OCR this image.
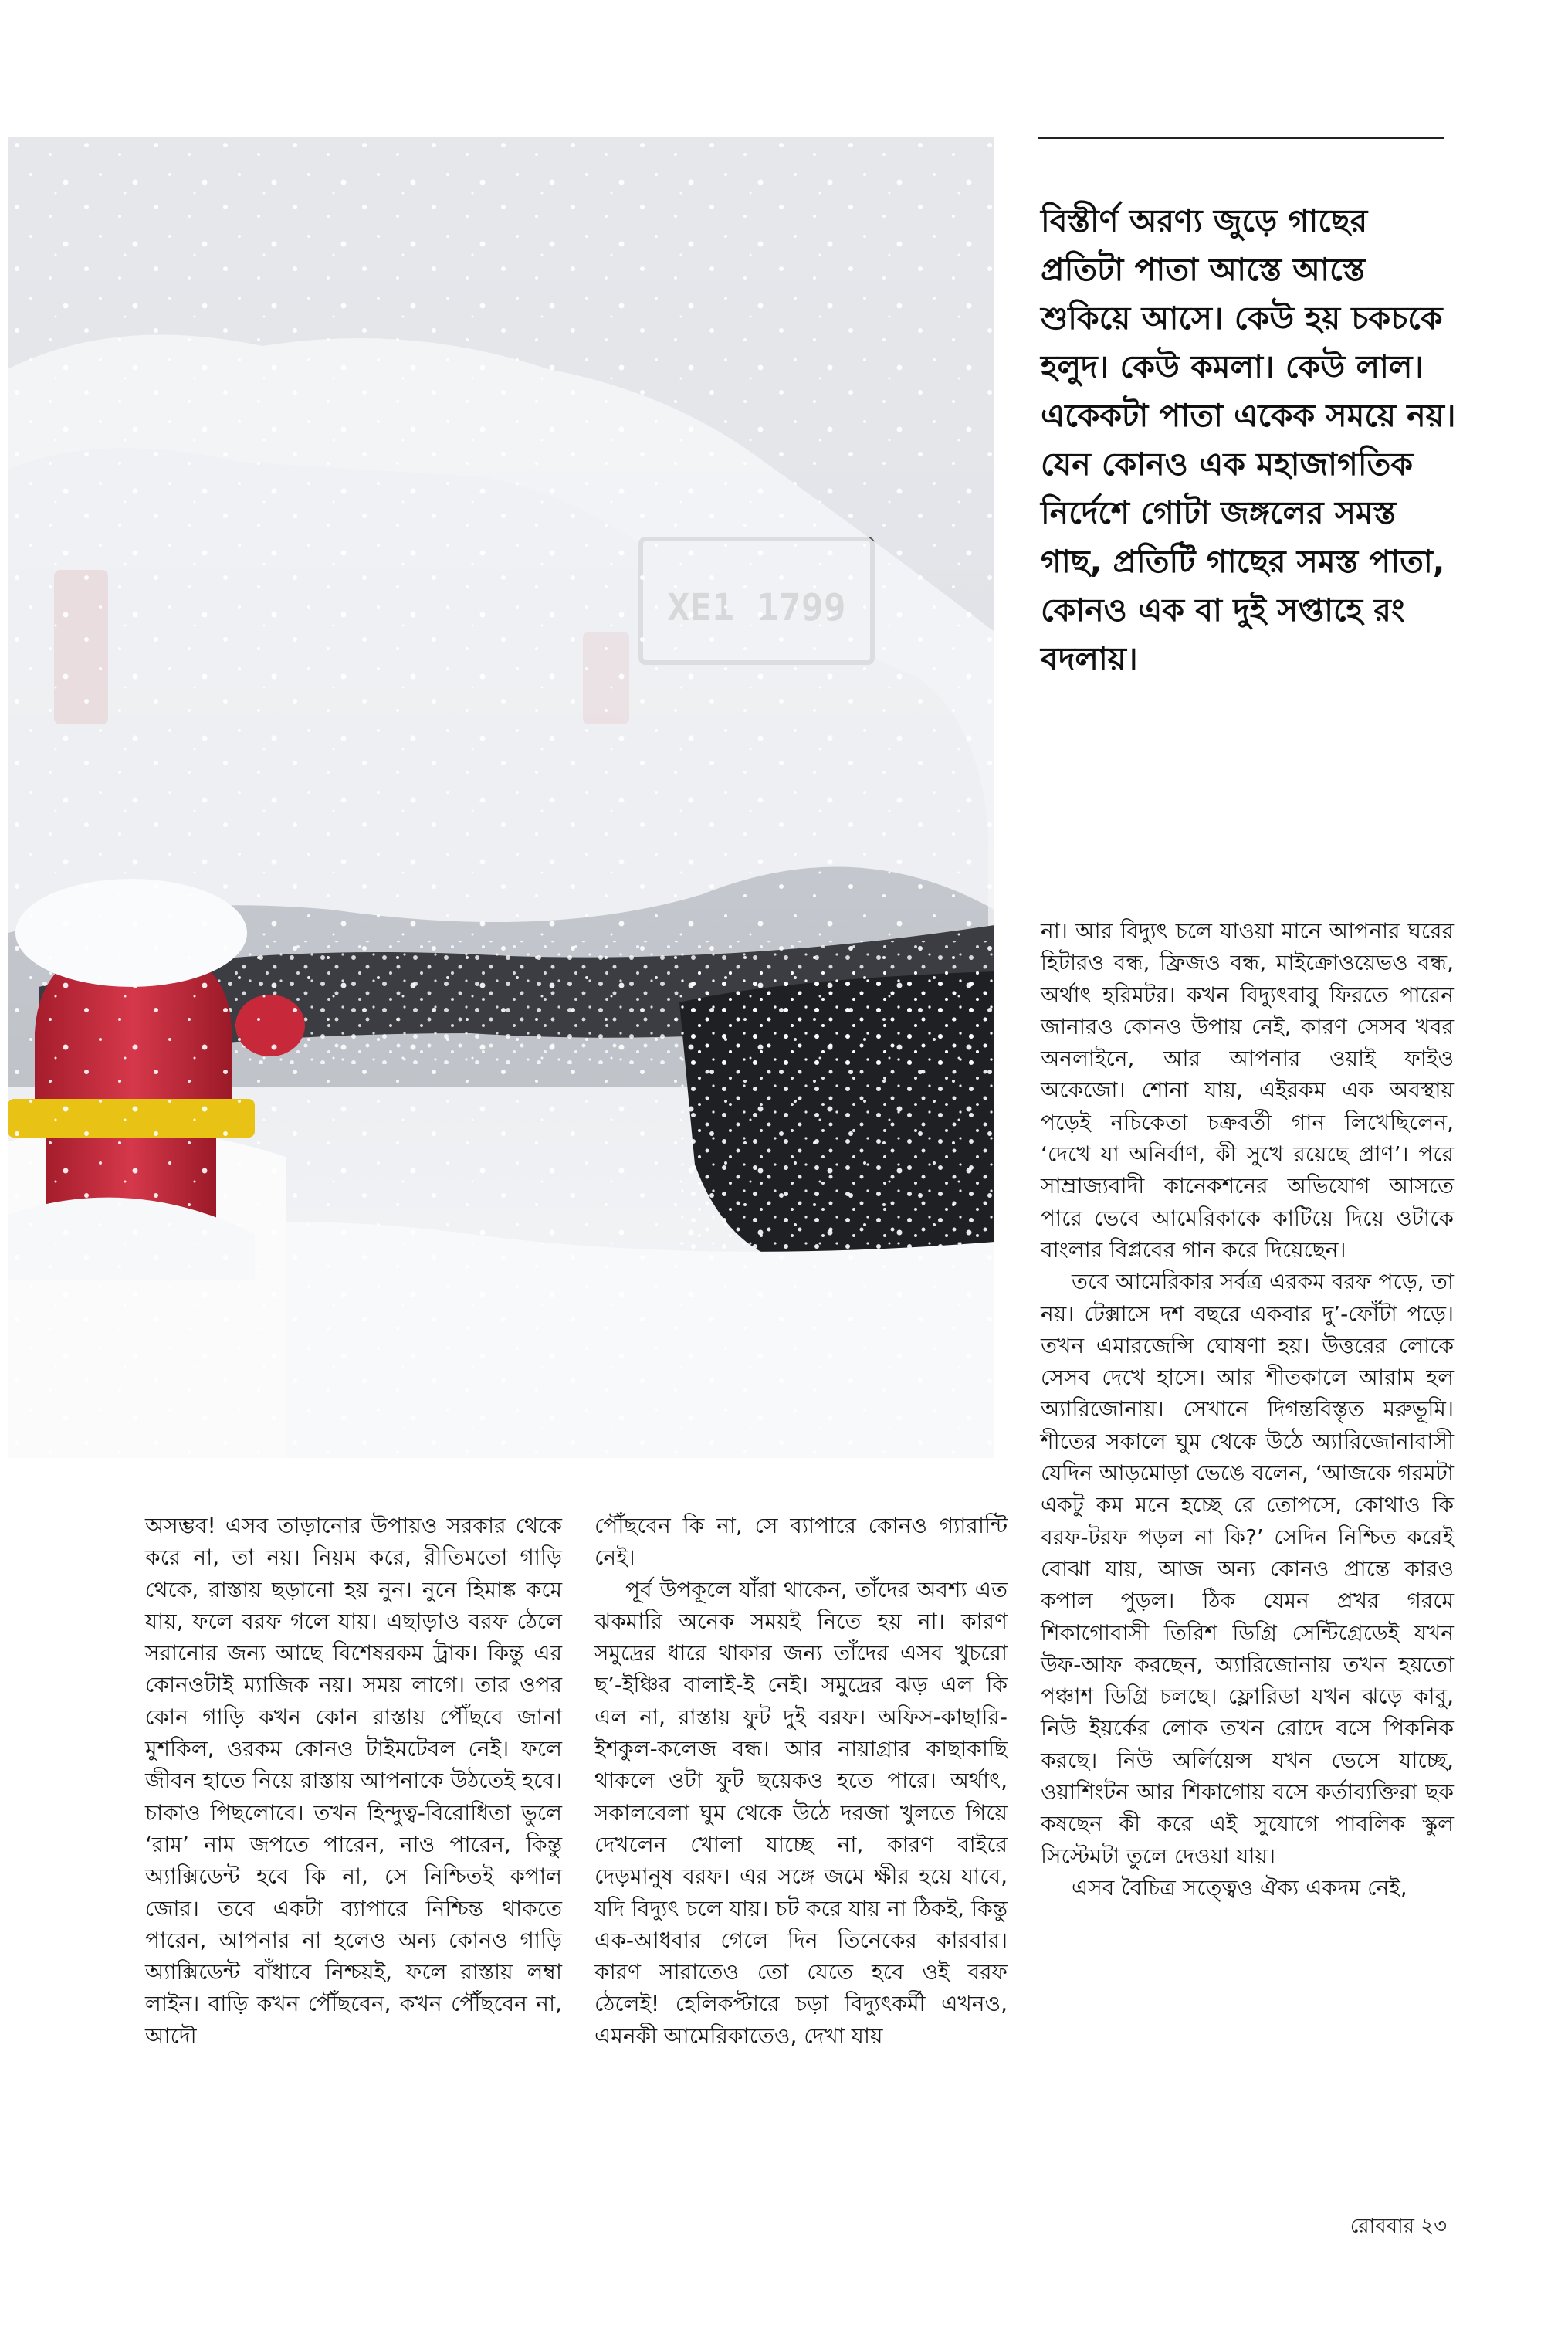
বিস্তীর্ণ অরণ্য জুড়ে গাছের প্রতিটা পাতা আস্তে আস্তে শুকিয়ে আসে। কেউ হয় চকচকে হলুদ। কেউ কমলা। কেউ লাল। একেকটা পাতা একেক সময়ে নয়। যেন কোনও এক মহাজাগতিক নির্দেশে গোটা জঙ্গলের সমস্ত গাছ, প্রতিটি গাছের সমস্ত পাতা, কোনও এক বা দুই সপ্তাহে রং বদলায়।

অসম্ভব! এসব তাড়ানোর উপায়ও সরকার থেকে করে না, তা নয়। নিয়ম করে, রীতিমতো গাড়ি থেকে, রাস্তায় ছড়ানো হয় নুন। নুনে হিমাঙ্ক কমে যায়, ফলে বরফ গলে যায়। এছাড়াও বরফ ঠেলে সরানোর জন্য আছে বিশেষরকম ট্রাক। কিন্তু এর কোনওটাই ম্যাজিক নয়। সময় লাগে। তার ওপর কোন গাড়ি কখন কোন রাস্তায় পৌঁছবে জানা মুশকিল, ওরকম কোনও টাইমটেবল নেই। ফলে জীবন হাতে নিয়ে রাস্তায় আপনাকে উঠতেই হবে। চাকাও পিছলোবে। তখন হিন্দুত্ব-বিরোধিতা ভুলে ‘রাম’ নাম জপতে পারেন, নাও পারেন, কিন্তু অ্যাক্সিডেন্ট হবে কি না, সে নিশ্চিতই কপাল জোর। তবে একটা ব্যাপারে নিশ্চিন্ত থাকতে পারেন, আপনার না হলেও অন্য কোনও গাড়ি অ্যাক্সিডেন্ট বাঁধাবে নিশ্চয়ই, ফলে রাস্তায় লম্বা লাইন। বাড়ি কখন পৌঁছবেন, কখন পৌঁছবেন না, আদৌ

পৌঁছবেন কি না, সে ব্যাপারে কোনও গ্যারান্টি নেই।

পূর্ব উপকূলে যাঁরা থাকেন, তাঁদের অবশ্য এত ঝকমারি অনেক সময়ই নিতে হয় না। কারণ সমুদ্রের ধারে থাকার জন্য তাঁদের এসব খুচরো ছ’-ইঞ্চির বালাই-ই নেই। সমুদ্রের ঝড় এল কি এল না, রাস্তায় ফুট দুই বরফ। অফিস-কাছারি-ইশকুল-কলেজ বন্ধ। আর নায়াগ্রার কাছাকাছি থাকলে ওটা ফুট ছয়েকও হতে পারে। অর্থাৎ, সকালবেলা ঘুম থেকে উঠে দরজা খুলতে গিয়ে দেখলেন খোলা যাচ্ছে না, কারণ বাইরে দেড়মানুষ বরফ। এর সঙ্গে জমে ক্ষীর হয়ে যাবে, যদি বিদ্যুৎ চলে যায়। চট করে যায় না ঠিকই, কিন্তু এক-আধবার গেলে দিন তিনেকের কারবার। কারণ সারাতেও তো যেতে হবে ওই বরফ ঠেলেই! হেলিকপ্টারে চড়া বিদ্যুৎকর্মী এখনও, এমনকী আমেরিকাতেও, দেখা যায়

না। আর বিদ্যুৎ চলে যাওয়া মানে আপনার ঘরের হিটারও বন্ধ, ফ্রিজও বন্ধ, মাইক্রোওয়েভও বন্ধ, অর্থাৎ হরিমটর। কখন বিদ্যুৎবাবু ফিরতে পারেন জানারও কোনও উপায় নেই, কারণ সেসব খবর অনলাইনে, আর আপনার ওয়াই ফাইও অকেজো। শোনা যায়, এইরকম এক অবস্থায় পড়েই নচিকেতা চক্রবর্তী গান লিখেছিলেন, ‘দেখে যা অনির্বাণ, কী সুখে রয়েছে প্রাণ’। পরে সাম্রাজ্যবাদী কানেকশনের অভিযোগ আসতে পারে ভেবে আমেরিকাকে কাটিয়ে দিয়ে ওটাকে বাংলার বিপ্লবের গান করে দিয়েছেন।

তবে আমেরিকার সর্বত্র এরকম বরফ পড়ে, তা নয়। টেক্সাসে দশ বছরে একবার দু’-ফোঁটা পড়ে। তখন এমারজেন্সি ঘোষণা হয়। উত্তরের লোকে সেসব দেখে হাসে। আর শীতকালে আরাম হল অ্যারিজোনায়। সেখানে দিগন্তবিস্তৃত মরুভূমি। শীতের সকালে ঘুম থেকে উঠে অ্যারিজোনাবাসী যেদিন আড়মোড়া ভেঙে বলেন, ‘আজকে গরমটা একটু কম মনে হচ্ছে রে তোপসে, কোথাও কি বরফ-টরফ পড়ল না কি?’ সেদিন নিশ্চিত করেই বোঝা যায়, আজ অন্য কোনও প্রান্তে কারও কপাল পুড়ল। ঠিক যেমন প্রখর গরমে শিকাগোবাসী তিরিশ ডিগ্রি সেন্টিগ্রেডেই যখন উফ-আফ করছেন, অ্যারিজোনায় তখন হয়তো পঞ্চাশ ডিগ্রি চলছে। ফ্লোরিডা যখন ঝড়ে কাবু, নিউ ইয়র্কের লোক তখন রোদে বসে পিকনিক করছে। নিউ অর্লিয়েন্স যখন ভেসে যাচ্ছে, ওয়াশিংটন আর শিকাগোয় বসে কর্তাব্যক্তিরা ছক কষছেন কী করে এই সুযোগে পাবলিক স্কুল সিস্টেমটা তুলে দেওয়া যায়।

এসব বৈচিত্র সত্ত্বেও ঐক্য একদম নেই,

রোববার ২৩
